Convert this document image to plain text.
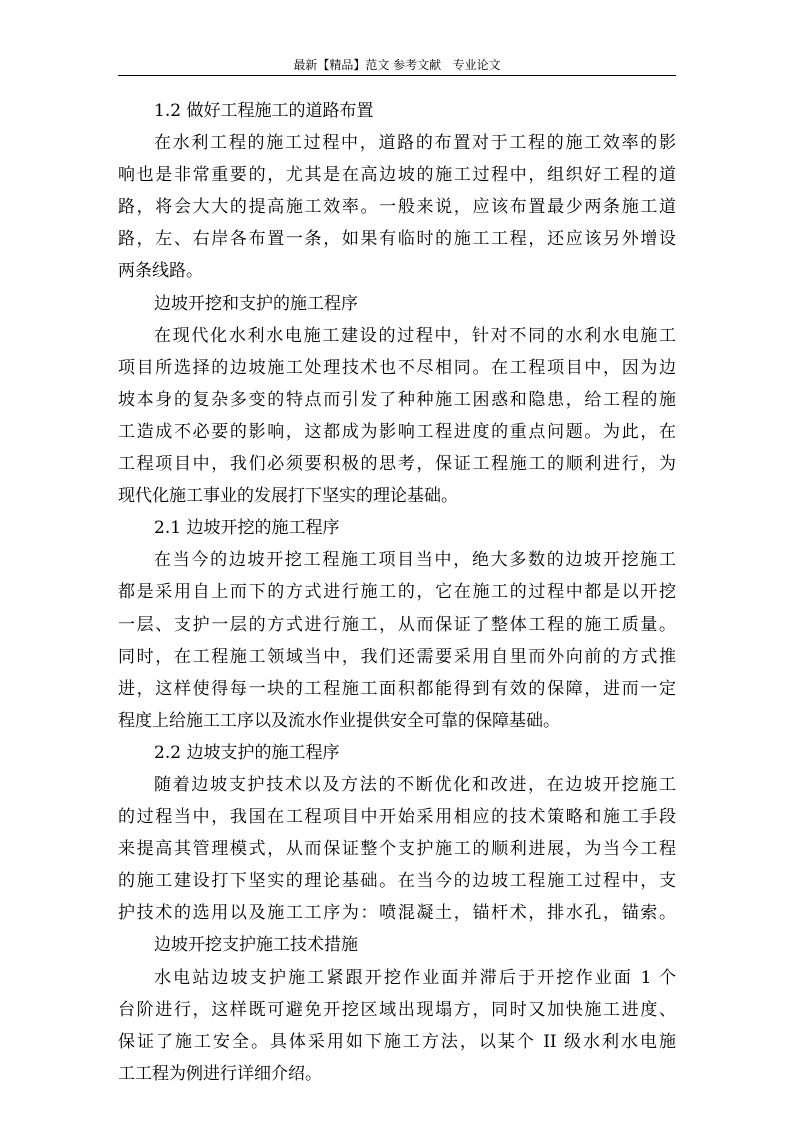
最新【精品】范文 参考文献   专业论文
1.2 做好工程施工的道路布置
在水利工程的施工过程中，道路的布置对于工程的施工效率的影
响也是非常重要的，尤其是在高边坡的施工过程中，组织好工程的道
路，将会大大的提高施工效率。一般来说，应该布置最少两条施工道
路，左、右岸各布置一条，如果有临时的施工工程，还应该另外增设
两条线路。
边坡开挖和支护的施工程序
在现代化水利水电施工建设的过程中，针对不同的水利水电施工
项目所选择的边坡施工处理技术也不尽相同。在工程项目中，因为边
坡本身的复杂多变的特点而引发了种种施工困惑和隐患，给工程的施
工造成不必要的影响，这都成为影响工程进度的重点问题。为此，在
工程项目中，我们必须要积极的思考，保证工程施工的顺利进行，为
现代化施工事业的发展打下坚实的理论基础。
2.1 边坡开挖的施工程序
在当今的边坡开挖工程施工项目当中，绝大多数的边坡开挖施工
都是采用自上而下的方式进行施工的，它在施工的过程中都是以开挖
一层、支护一层的方式进行施工，从而保证了整体工程的施工质量。
同时，在工程施工领域当中，我们还需要采用自里而外向前的方式推
进，这样使得每一块的工程施工面积都能得到有效的保障，进而一定
程度上给施工工序以及流水作业提供安全可靠的保障基础。
2.2 边坡支护的施工程序
随着边坡支护技术以及方法的不断优化和改进，在边坡开挖施工
的过程当中，我国在工程项目中开始采用相应的技术策略和施工手段
来提高其管理模式，从而保证整个支护施工的顺利进展，为当今工程
的施工建设打下坚实的理论基础。在当今的边坡工程施工过程中，支
护技术的选用以及施工工序为：喷混凝土，锚杆术，排水孔，锚索。
边坡开挖支护施工技术措施
水电站边坡支护施工紧跟开挖作业面并滞后于开挖作业面 1 个
台阶进行，这样既可避免开挖区域出现塌方，同时又加快施工进度、
保证了施工安全。具体采用如下施工方法，以某个 II 级水利水电施
工工程为例进行详细介绍。
